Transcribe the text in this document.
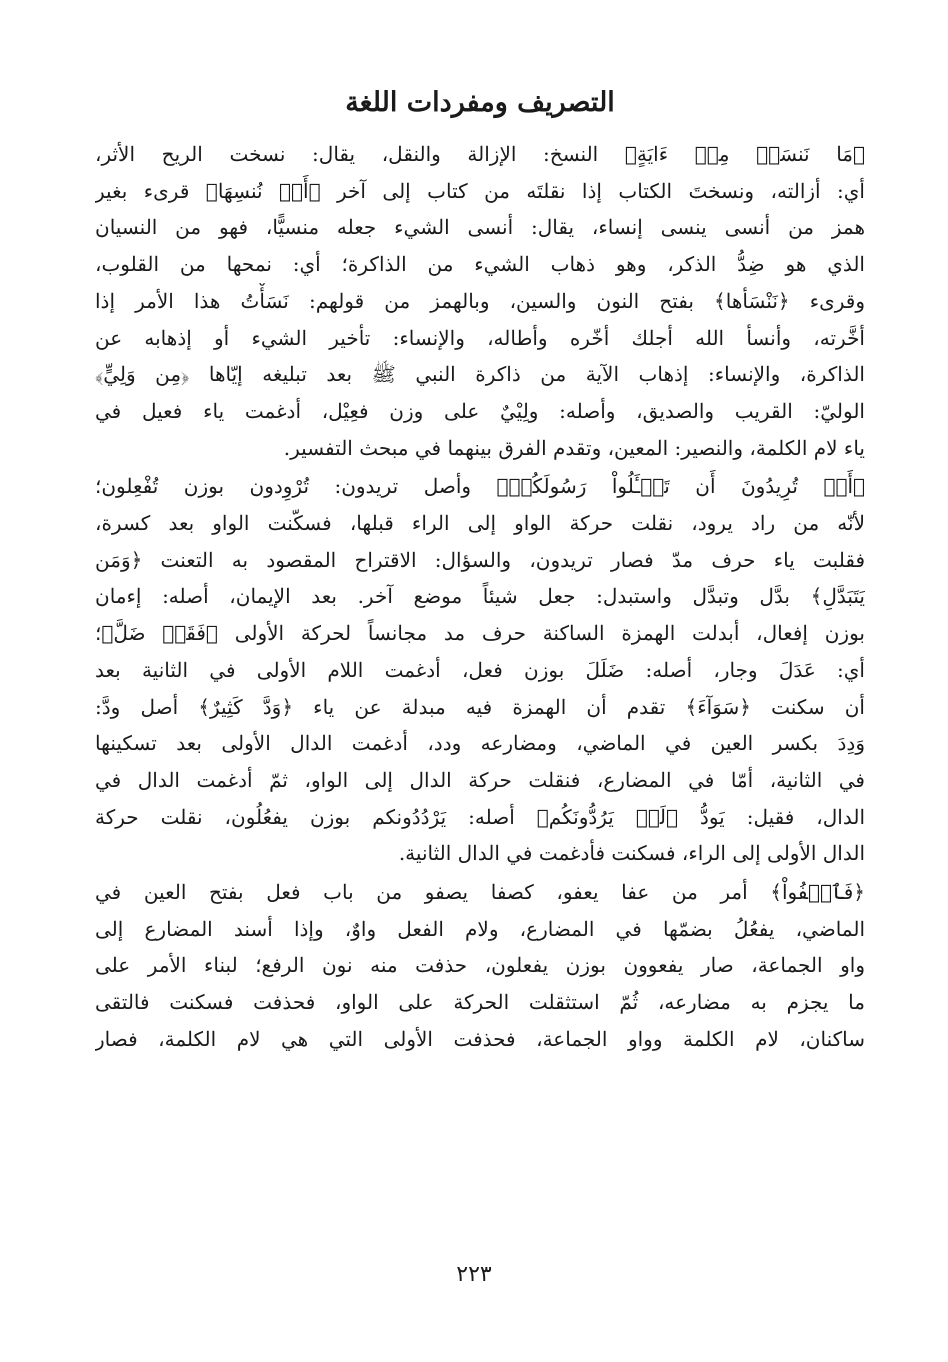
التصريف ومفردات اللغة

﴿مَا نَنسَخۡ مِنۡ ءَايَةٍ﴾ النسخ: الإزالة والنقل، يقال: نسخت الريح الأثر،
أي: أزالته، ونسختَ الكتاب إذا نقلتَه من كتاب إلى آخر ﴿أَوۡ نُنسِهَا﴾ قرىء بغير
همز من أنسى ينسى إنساء، يقال: أنسى الشيء جعله منسيًّا، فهو من النسيان
الذي هو ضِدُّ الذكر، وهو ذهاب الشيء من الذاكرة؛ أي: نمحها من القلوب،
وقرىء ﴿نَنْسَأها﴾ بفتح النون والسين، وبالهمز من قولهم: نَسَأْتُ هذا الأمر إذا
أخَّرته، وأنسأ الله أجلك أخّره وأطاله، والإنساء: تأخير الشيء أو إذهابه عن
الذاكرة، والإنساء: إذهاب الآية من ذاكرة النبي ﷺ بعد تبليغه إيّاها ﴿مِن وَلِيٍّ﴾
الوليّ: القريب والصديق، وأصله: ولِيْيٌ على وزن فعِيْل، أدغمت ياء فعيل في
ياء لام الكلمة، والنصير: المعين، وتقدم الفرق بينهما في مبحث التفسير.

﴿أَمۡ تُرِيدُونَ أَن تَسۡـَٔلُواْ رَسُولَكُمۡ﴾ وأصل تريدون: تُرْوِدون بوزن تُفْعِلون؛
لأنّه من راد يرود، نقلت حركة الواو إلى الراء قبلها، فسكّنت الواو بعد كسرة،
فقلبت ياء حرف مدّ فصار تريدون، والسؤال: الاقتراح المقصود به التعنت ﴿وَمَن
يَتَبَدَّلِ﴾ بدَّل وتبدَّل واستبدل: جعل شيئاً موضع آخر. بعد الإيمان، أصله: إءمان
بوزن إفعال، أبدلت الهمزة الساكنة حرف مد مجانساً لحركة الأولى ﴿فَقَدۡ ضَلَّ﴾؛
أي: عَدَلَ وجار، أصله: ضَلَلَ بوزن فعل، أدغمت اللام الأولى في الثانية بعد
أن سكنت ﴿سَوَآءَ﴾ تقدم أن الهمزة فيه مبدلة عن ياء ﴿وَدَّ كَثِيرٌ﴾ أصل ودَّ:
وَدِدَ بكسر العين في الماضي، ومضارعه ودد، أدغمت الدال الأولى بعد تسكينها
في الثانية، أمّا في المضارع، فنقلت حركة الدال إلى الواو، ثمّ أدغمت الدال في
الدال، فقيل: يَودُّ ﴿لَوۡ يَرُدُّونَكُم﴾ أصله: يَرْدُدُونكم بوزن يفعُلُون، نقلت حركة
الدال الأولى إلى الراء، فسكنت فأدغمت في الدال الثانية.

﴿فَٱعۡفُواْ﴾ أمر من عفا يعفو، كصفا يصفو من باب فعل بفتح العين في
الماضي، يفعُلُ بضمّها في المضارع، ولام الفعل واوٌ، وإذا أسند المضارع إلى
واو الجماعة، صار يفعوون بوزن يفعلون، حذفت منه نون الرفع؛ لبناء الأمر على
ما يجزم به مضارعه، ثُمّ استثقلت الحركة على الواو، فحذفت فسكنت فالتقى
ساكنان، لام الكلمة وواو الجماعة، فحذفت الأولى التي هي لام الكلمة، فصار

٢٢٣
